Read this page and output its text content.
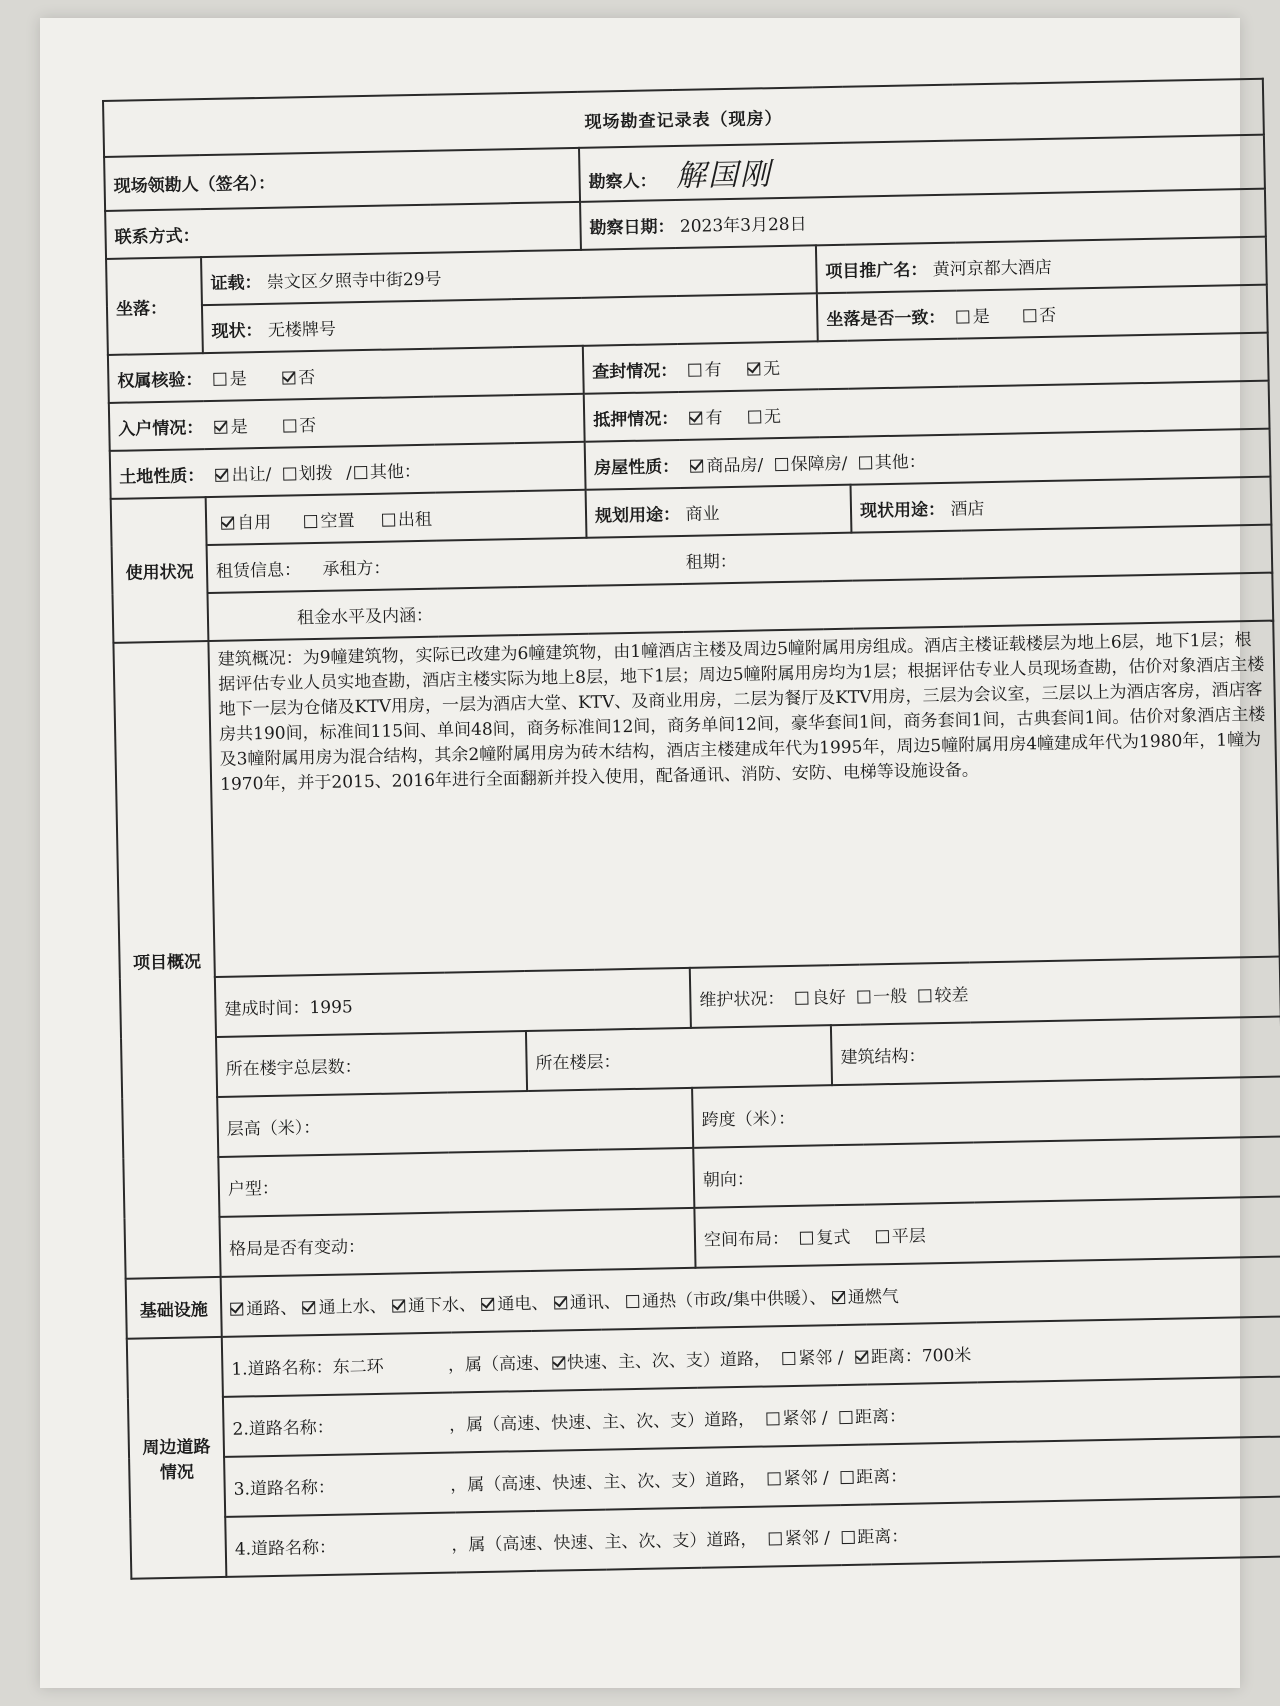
现场勘查记录表（现房）						
现场领勘人（签名）：			勘察人： 解国刚			
联系方式：			勘察日期： 2023年3月28日			
坐落：	证载： 崇文区夕照寺中街29号				项目推广名： 黄河京都大酒店	
	现状： 无楼牌号				坐落是否一致： 是 否	
权属核验： 是 否			查封情况： 有 无			
入户情况： 是 否			抵押情况： 有 无			
土地性质： 出让/ 划拨 / 其他：			房屋性质： 商品房/ 保障房/ 其他：			
使用状况	自用 空置 出租		规划用途： 商业			现状用途： 酒店
	租赁信息： 承租方： 租期：					
	租金水平及内涵：					
项目概况	建筑概况：为9幢建筑物，实际已改建为6幢建筑物，由1幢酒店主楼及周边5幢附属用房组成。酒店主楼证载楼层为地上6层，地下1层；根据评估专业人员实地查勘，酒店主楼实际为地上8层，地下1层；周边5幢附属用房均为1层；根据评估专业人员现场查勘，估价对象酒店主楼地下一层为仓储及KTV用房，一层为酒店大堂、KTV、及商业用房，二层为餐厅及KTV用房，三层为会议室，三层以上为酒店客房，酒店客房共190间，标准间115间、单间48间，商务标准间12间，商务单间12间，豪华套间1间，商务套间1间，古典套间1间。估价对象酒店主楼及3幢附属用房为混合结构，其余2幢附属用房为砖木结构，酒店主楼建成年代为1995年，周边5幢附属用房4幢建成年代为1980年，1幢为1970年，并于2015、2016年进行全面翻新并投入使用，配备通讯、消防、安防、电梯等设施设备。					
	建成时间：1995			维护状况： 良好 一般 较差		
	所在楼宇总层数：	所在楼层：			建筑结构：	
	层高（米）：			跨度（米）：		
	户型：			朝向：		
	格局是否有变动：			空间布局： 复式 平层		
基础设施	通路、 通上水、 通下水、 通电、 通讯、 通热（市政/集中供暖）、 通燃气					
周边道路情况	1.道路名称：东二环 ，属（高速、 快速、主、次、支）道路， 紧邻 / 距离：700米					
	2.道路名称： ，属（高速、快速、主、次、支）道路， 紧邻 / 距离：					
	3.道路名称： ，属（高速、快速、主、次、支）道路， 紧邻 / 距离：					
	4.道路名称： ，属（高速、快速、主、次、支）道路， 紧邻 / 距离：					
